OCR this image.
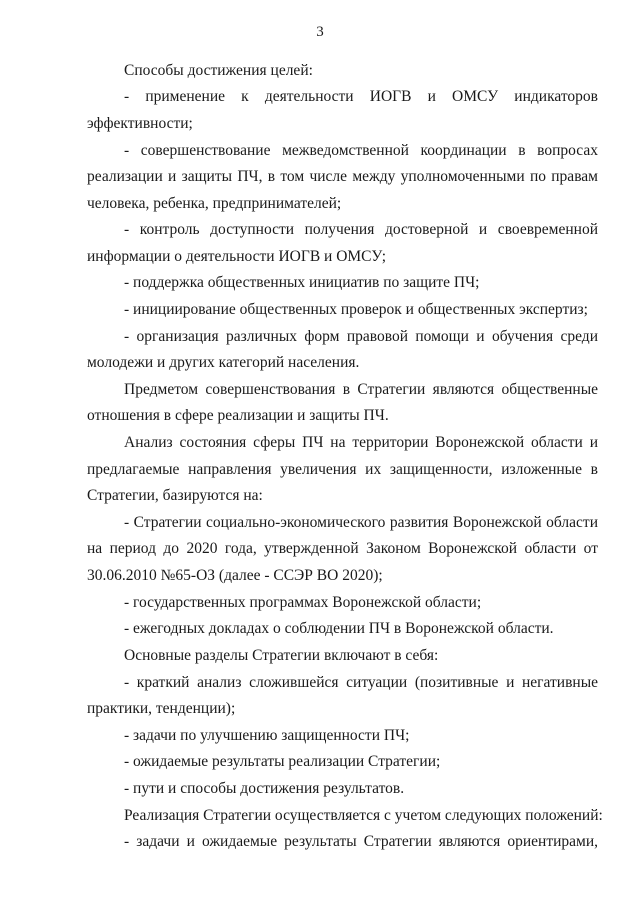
3
Способы достижения целей:
- применение к деятельности ИОГВ и ОМСУ индикаторов
эффективности;
- совершенствование межведомственной координации в вопросах
реализации и защиты ПЧ, в том числе между уполномоченными по правам
человека, ребенка, предпринимателей;
- контроль доступности получения достоверной и своевременной
информации о деятельности ИОГВ и ОМСУ;
- поддержка общественных инициатив по защите ПЧ;
- инициирование общественных проверок и общественных экспертиз;
- организация различных форм правовой помощи и обучения среди
молодежи и других категорий населения.
Предметом совершенствования в Стратегии являются общественные
отношения в сфере реализации и защиты ПЧ.
Анализ состояния сферы ПЧ на территории Воронежской области и
предлагаемые направления увеличения их защищенности, изложенные в
Стратегии, базируются на:
- Стратегии социально-экономического развития Воронежской области
на период до 2020 года, утвержденной Законом Воронежской области от
30.06.2010 №65-ОЗ (далее - ССЭР ВО 2020);
- государственных программах Воронежской области;
- ежегодных докладах о соблюдении ПЧ в Воронежской области.
Основные разделы Стратегии включают в себя:
- краткий анализ сложившейся ситуации (позитивные и негативные
практики, тенденции);
- задачи по улучшению защищенности ПЧ;
- ожидаемые результаты реализации Стратегии;
- пути и способы достижения результатов.
Реализация Стратегии осуществляется с учетом следующих положений:
- задачи и ожидаемые результаты Стратегии являются ориентирами,
